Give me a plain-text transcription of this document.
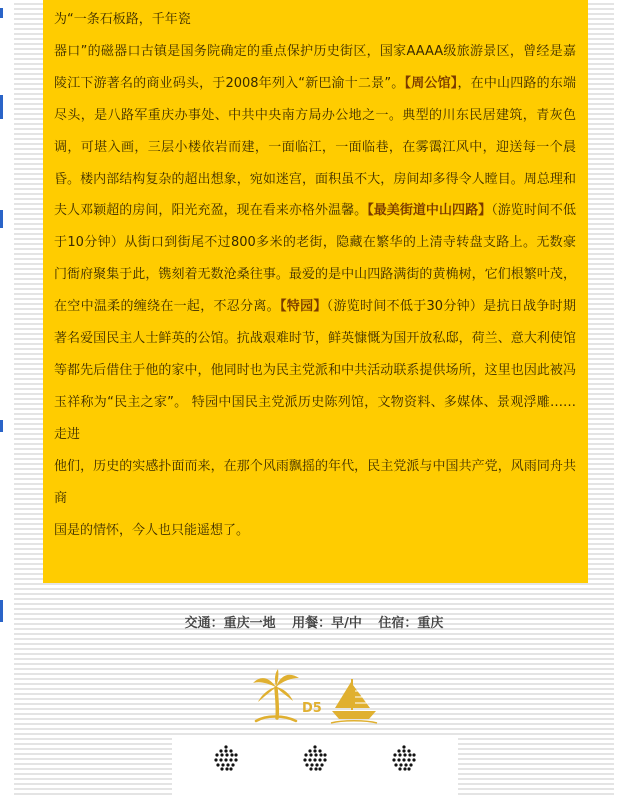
为“一条石板路，千年瓷

器口”的磁器口古镇是国务院确定的重点保护历史街区，国家AAAA级旅游景区，曾经是嘉陵江下游著名的商业码头，于2008年列入“新巴渝十二景”。【周公馆】，在中山四路的东端尽头，是八路军重庆办事处、中共中央南方局办公地之一。典型的川东民居建筑，青灰色调，可堪入画，三层小楼依岩而建，一面临江，一面临巷，在雾霭江风中，迎送每一个晨昏。楼内部结构复杂的超出想象，宛如迷宫，面积虽不大，房间却多得令人瞠目。周总理和夫人邓颖超的房间，阳光充盈，现在看来亦格外温馨。【最美街道中山四路】（游览时间不低于10分钟）从街口到街尾不过800多米的老街，隐藏在繁华的上清寺转盘支路上。无数豪门衙府聚集于此，镌刻着无数沧桑往事。最爱的是中山四路满街的黄桷树，它们根繁叶茂，在空中温柔的缠绕在一起，不忍分离。【特园】（游览时间不低于30分钟）是抗日战争时期著名爱国民主人士鲜英的公馆。抗战艰难时节，鲜英慷慨为国开放私邸，荷兰、意大利使馆等都先后借住于他的家中，他同时也为民主党派和中共活动联系提供场所，这里也因此被冯玉祥称为“民主之家”。 特园中国民主党派历史陈列馆，文物资料、多媒体、景观浮雕……走进

他们，历史的实感扑面而来，在那个风雨飘摇的年代，民主党派与中国共产党，风雨同舟共商

国是的情怀，今人也只能遥想了。

交通：重庆一地 用餐：早/中 住宿：重庆
D5
